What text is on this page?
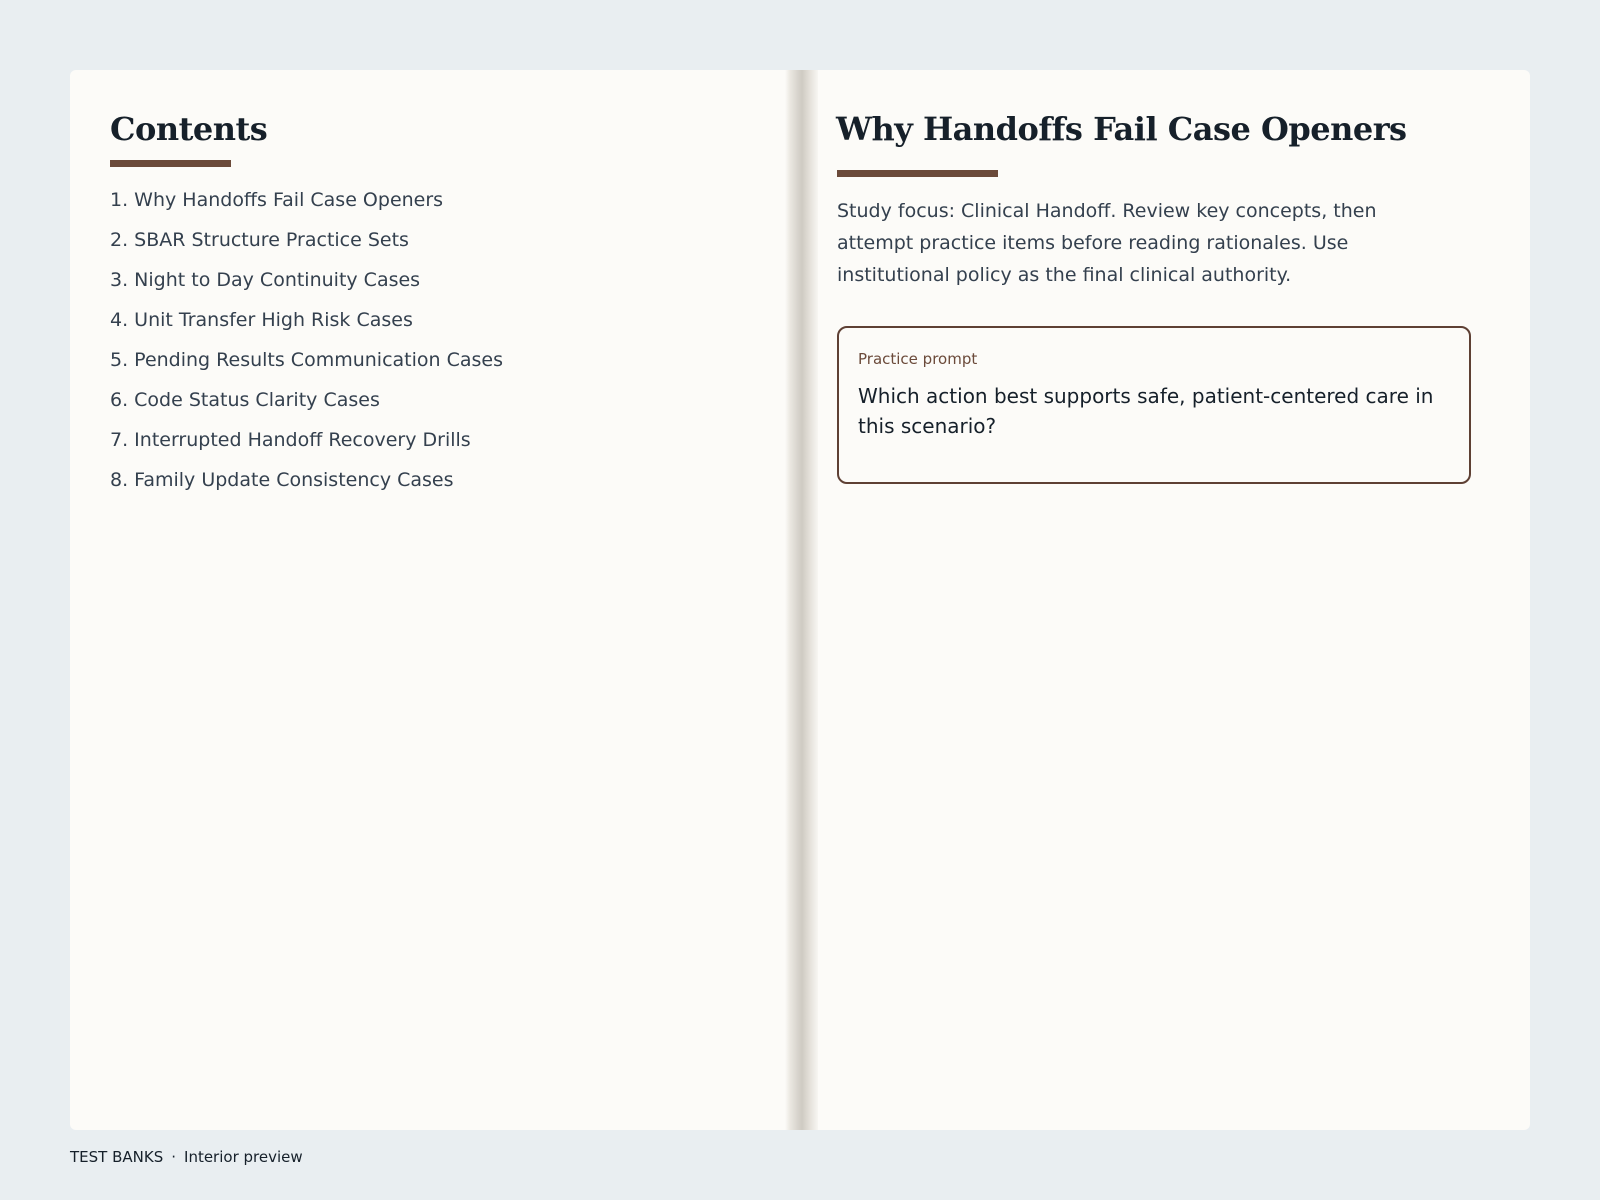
Contents
1. Why Handoffs Fail Case Openers
2. SBAR Structure Practice Sets
3. Night to Day Continuity Cases
4. Unit Transfer High Risk Cases
5. Pending Results Communication Cases
6. Code Status Clarity Cases
7. Interrupted Handoff Recovery Drills
8. Family Update Consistency Cases
Why Handoffs Fail Case Openers

Study focus: Clinical Handoff. Review key concepts, then attempt practice items before reading rationales. Use institutional policy as the final clinical authority.

Practice prompt
Which action best supports safe, patient-centered care in this scenario?
TEST BANKS · Interior preview
